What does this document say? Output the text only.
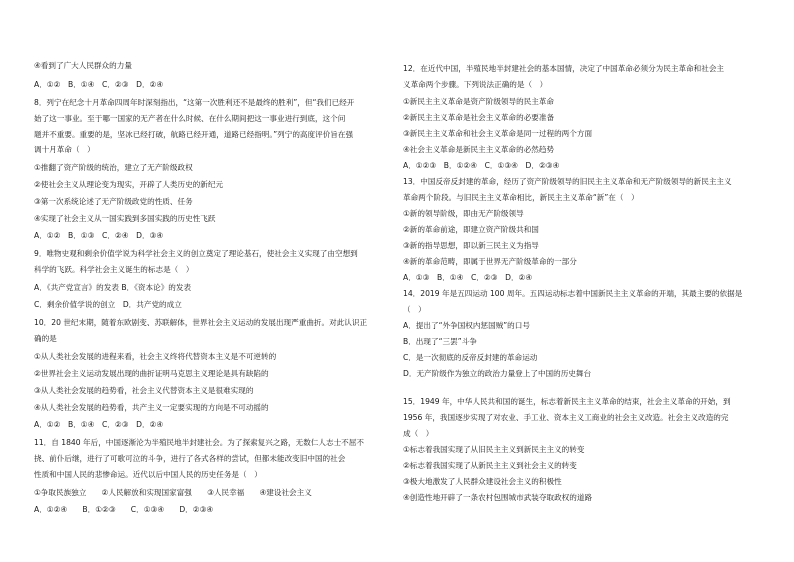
④看到了广大人民群众的力量
A．①②　B．①④　C．②③　D．②④
8．列宁在纪念十月革命四周年时深刻指出，“这第一次胜利还不是最终的胜利”，但“我们已经开
始了这一事业。至于哪一国家的无产者在什么时候、在什么期间把这一事业进行到底，这个问
题并不重要。重要的是，坚冰已经打破，航路已经开通，道路已经指明。”列宁的高度评价旨在强
调十月革命（　）
①推翻了资产阶级的统治，建立了无产阶级政权
②使社会主义从理论变为现实，开辟了人类历史的新纪元
③第一次系统论述了无产阶级政党的性质、任务
④实现了社会主义从一国实践到多国实践的历史性飞跃
A．①②　B．①③　C．②④　D．③④
9．唯物史观和剩余价值学说为科学社会主义的创立奠定了理论基石，使社会主义实现了由空想到
科学的飞跃。科学社会主义诞生的标志是（　）
A．《共产党宣言》的发表 B．《资本论》的发表
C．剩余价值学说的创立　D．共产党的成立
10．20 世纪末期，随着东欧剧变、苏联解体，世界社会主义运动的发展出现严重曲折。对此认识正
确的是
①从人类社会发展的进程来看，社会主义终将代替资本主义是不可逆转的
②世界社会主义运动发展出现的曲折证明马克思主义理论是具有缺陷的
③从人类社会发展的趋势看，社会主义代替资本主义是很难实现的
④从人类社会发展的趋势看，共产主义一定要实现的方向是不可动摇的
A．①②　B．①④　C．②③　D．②④
11．自 1840 年后，中国逐渐沦为半殖民地半封建社会。为了探索复兴之路，无数仁人志士不屈不
挠、前仆后继，进行了可歌可泣的斗争，进行了各式各样的尝试，但都未能改变旧中国的社会
性质和中国人民的悲惨命运。近代以后中国人民的历史任务是（　）
①争取民族独立　　②人民解放和实现国家富强　　③人民幸福　　④建设社会主义
A．①②④　　B．①②③　　C．①③④　　D．②③④
12．在近代中国，半殖民地半封建社会的基本国情，决定了中国革命必须分为民主革命和社会主
义革命两个步骤。下列说法正确的是（　）
①新民主主义革命是资产阶级领导的民主革命
②新民主主义革命是社会主义革命的必要准备
③新民主主义革命和社会主义革命是同一过程的两个方面
④社会主义革命是新民主主义革命的必然趋势
A．①②③　B．①②④　C．①③④　D．②③④
13．中国反帝反封建的革命，经历了资产阶级领导的旧民主主义革命和无产阶级领导的新民主主义
革命两个阶段。与旧民主主义革命相比，新民主主义革命“新”在（　）
①新的领导阶级，即由无产阶级领导
②新的革命前途，即建立资产阶级共和国
③新的指导思想，即以新三民主义为指导
④新的革命范畴，即属于世界无产阶级革命的一部分
A．①③　B．①④　C．②③　D．②④
14．2019 年是五四运动 100 周年。五四运动标志着中国新民主主义革命的开端，其最主要的依据是
（　）
A．提出了“外争国权内惩国贼”的口号
B．出现了“三罢”斗争
C．是一次彻底的反帝反封建的革命运动
D．无产阶级作为独立的政治力量登上了中国的历史舞台
15．1949 年，中华人民共和国的诞生，标志着新民主主义革命的结束，社会主义革命的开始，到
1956 年，我国逐步实现了对农业、手工业、资本主义工商业的社会主义改造。社会主义改造的完
成（　）
①标志着我国实现了从旧民主主义到新民主主义的转变
②标志着我国实现了从新民主主义到社会主义的转变
③极大地激发了人民群众建设社会主义的积极性
④创造性地开辟了一条农村包围城市武装夺取政权的道路
